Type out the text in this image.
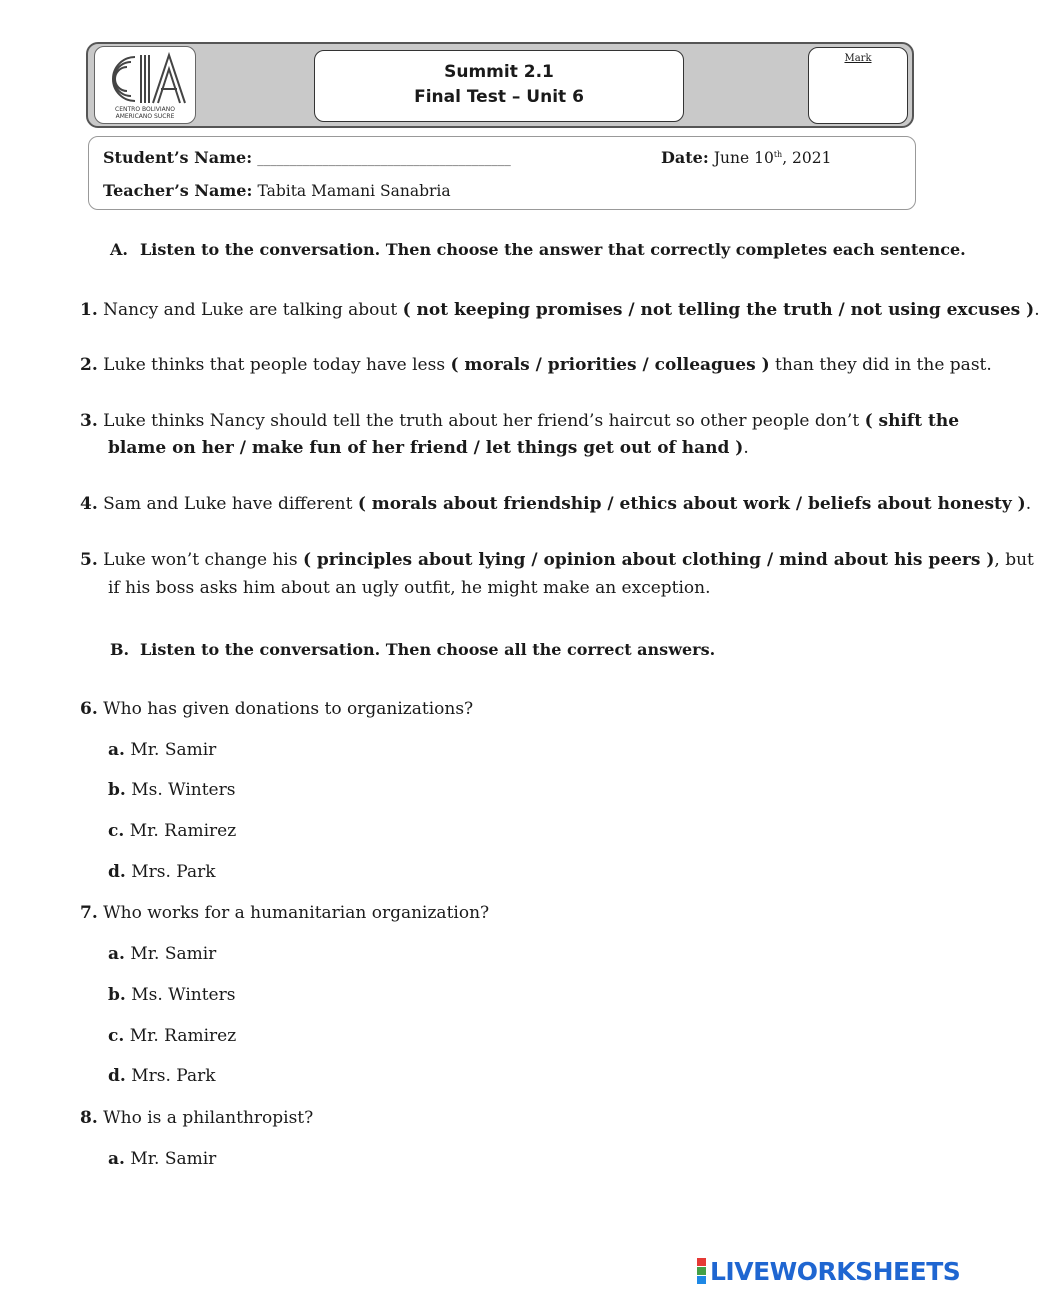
CENTRO BOLIVIANO AMERICANO SUCRE
Summit 2.1
Final Test – Unit 6
Mark
Student’s Name: _______________________________________	Date: June 10th, 2021
Teacher’s Name: Tabita Mamani Sanabria
A. Listen to the conversation. Then choose the answer that correctly completes each sentence.
1. Nancy and Luke are talking about ( not keeping promises / not telling the truth / not using excuses ).
2. Luke thinks that people today have less ( morals / priorities / colleagues ) than they did in the past.
3. Luke thinks Nancy should tell the truth about her friend’s haircut so other people don’t ( shift the
blame on her / make fun of her friend / let things get out of hand ).
4. Sam and Luke have different ( morals about friendship / ethics about work / beliefs about honesty ).
5. Luke won’t change his ( principles about lying / opinion about clothing / mind about his peers ), but
if his boss asks him about an ugly outfit, he might make an exception.
B. Listen to the conversation. Then choose all the correct answers.
6. Who has given donations to organizations?
a. Mr. Samir
b. Ms. Winters
c. Mr. Ramirez
d. Mrs. Park
7. Who works for a humanitarian organization?
a. Mr. Samir
b. Ms. Winters
c. Mr. Ramirez
d. Mrs. Park
8. Who is a philanthropist?
a. Mr. Samir
LIVEWORKSHEETS
